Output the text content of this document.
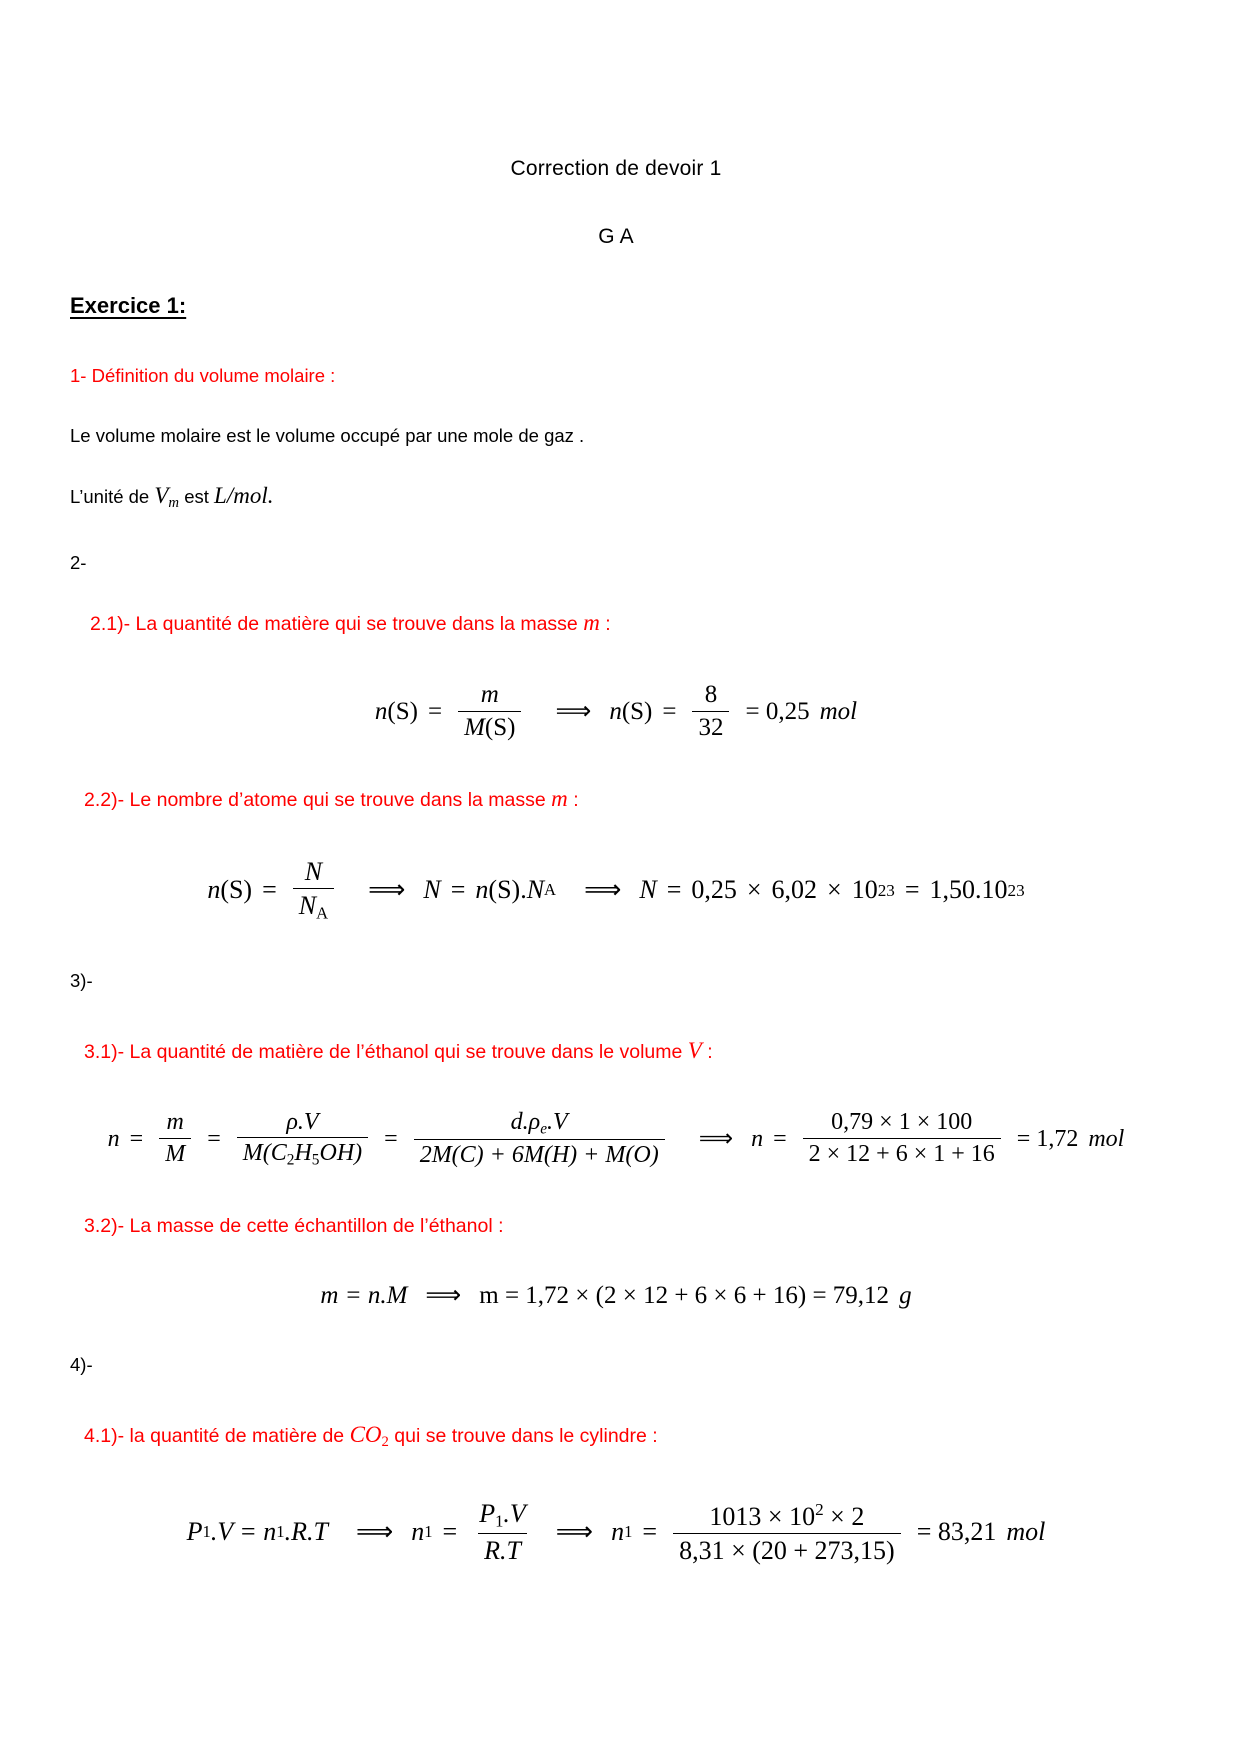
Correction de devoir 1
G A
Exercice 1:
1- Définition du volume molaire :
Le volume molaire est le volume occupé par une mole de gaz .
L’unité de $V_m$ est L/mol.
2-
2.1)- La quantité de matière qui se trouve dans la masse m :
n $(S) = \frac{m}{M(S)}$	⟹ n $(S) = \frac{8}{32} = 0,25$ mol
2.2)- Le nombre d’atome qui se trouve dans la masse m :
n $(S) = \frac{N}{N_A}$	⟹ N = n (S). N A	⟹ N = 0,25 × 6,02 × 10 23 = 1,50.10 23
3)-
3.1)- La quantité de matière de l’éthanol qui se trouve dans le volume V :
$n = \frac{m}{M} = \frac{\rho.V}{M(C_2H_5OH)} = \frac{d.\rho_e.V}{2M(C) + 6M(H) + M(O)}$	⟹ $n = \frac{0,79 \times 1 \times 100}{2 \times 12 + 6 \times 1 + 16} = 1,72$ mol
3.2)- La masse de cette échantillon de l’éthanol :
m = n.M ⟹ m = 1,72 × (2 × 12 + 6 × 6 + 16) = 79,12 g
4)-
4.1)- la quantité de matière de $CO_2$ qui se trouve dans le cylindre :
P 1 .V = n 1 .R.T	⟹ n $1 = \frac{P_1.V}{R.T}$ ⟹ n $1 = \frac{1013 \times 10^2 \times 2}{8,31 \times (20 + 273,15)} = 83,21$ mol
